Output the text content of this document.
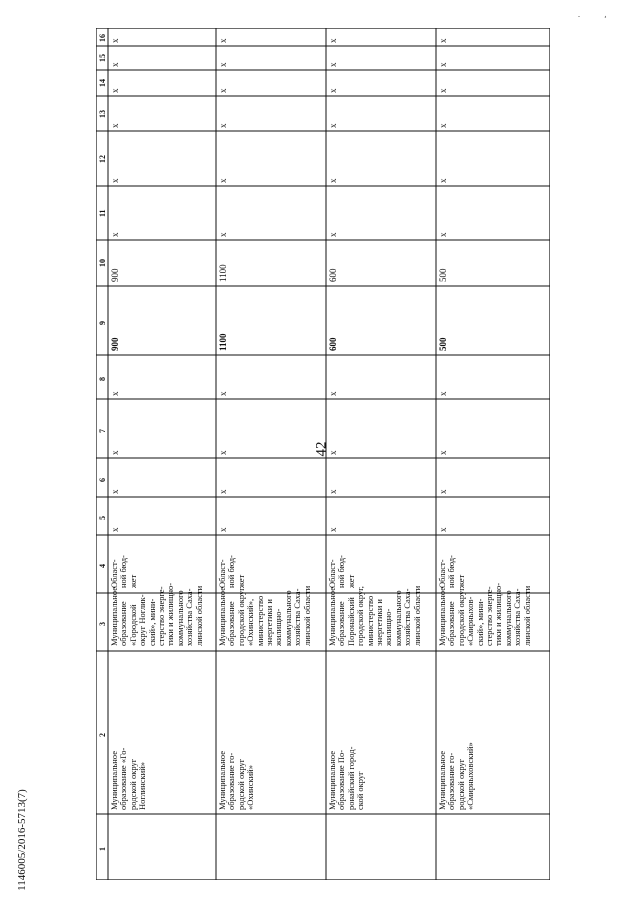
.	¸
42
1146005/2016-5713(7)	1
2
3
4
5
6
7
8
9
10
11
12
13
14
15
16
Муниципальное
образование «Го-
родской округ
Ноглинский»
Муниципальное
образование
«Городской
округ Ноглик-
ский», мини-
стерство энерге-
тики и жилищно-
коммунального
хозяйства Саха-
линской области
Област-
ной бюд-
жет
x
x
x
x
x
x
x
x
x
x
900
900
Муниципальное
образование го-
родской округ
«Охинский»
Муниципальное
образование
городской округ
«Охинский»,
министерство
энергетики и
жилищно-
коммунального
хозяйства Саха-
линской области
Област-
ной бюд-
жет
x
x
x
x
x
x
x
x
x
x
1100
1100
Муниципальное
образование По-
ронайский город-
ской округ
Муниципальное
образование
Поронайский
городской округ,
министерство
энергетики и
жилищно-
коммунального
хозяйства Саха-
линской области
Област-
ной бюд-
жет
x
x
x
x
x
x
x
x
x
x
600
600
Муниципальное
образование го-
родской округ
«Смирныховский»
Муниципальное
образование
городской округ
«Смирныхов-
ский», мини-
стерство энерге-
тики и жилищно-
коммунального
хозяйства Саха-
линской области
Област-
ной бюд-
жет
x
x
x
x
x
x
x
x
x
x
500
500
